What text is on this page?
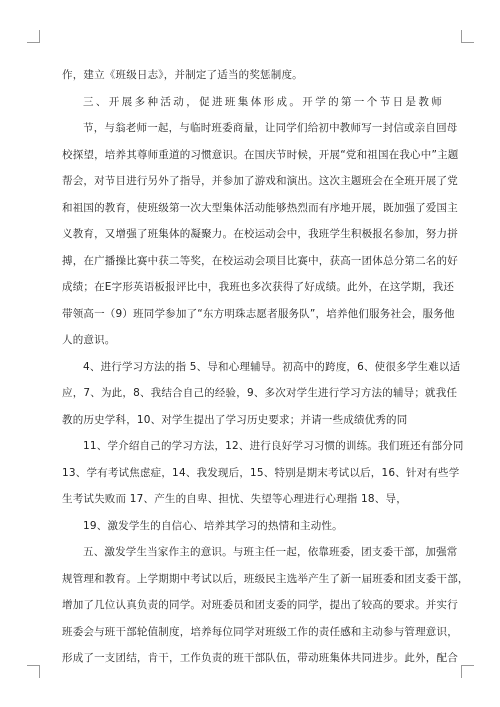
作，建立《班级日志》，并制定了适当的奖惩制度。
三、开展多种活动，促进班集体形成。开学的第一个节日是教师
节，与翁老师一起，与临时班委商量，让同学们给初中教师写一封信或亲自回母
校探望，培养其尊师重道的习惯意识。在国庆节时候，开展“党和祖国在我心中”主题
帮会，对节目进行另外了指导，并参加了游戏和演出。这次主题班会在全班开展了党
和祖国的教育，使班级第一次大型集体活动能够热烈而有序地开展，既加强了爱国主
义教育，又增强了班集体的凝聚力。在校运动会中，我班学生积极报名参加，努力拼
搏，在广播操比赛中获二等奖，在校运动会项目比赛中，获高一团体总分第二名的好
成绩；在E字形英语板报评比中，我班也多次获得了好成绩。此外，在这学期，我还
带领高一（9）班同学参加了“东方明珠志愿者服务队”，培养他们服务社会，服务他
人的意识。
4、进行学习方法的指 5、导和心理辅导。初高中的跨度，6、使很多学生难以适
应，7、为此，8、我结合自己的经验，9、多次对学生进行学习方法的辅导；就我任
教的历史学科，10、对学生提出了学习历史要求；并请一些成绩优秀的同
11、学介绍自己的学习方法，12、进行良好学习习惯的训练。我们班还有部分同
13、学有考试焦虑症，14、我发现后，15、特别是期末考试以后，16、针对有些学
生考试失败而 17、产生的自卑、担忧、失望等心理进行心理指 18、导，
19、激发学生的自信心、培养其学习的热情和主动性。
五、激发学生当家作主的意识。与班主任一起，依靠班委，团支委干部，加强常
规管理和教育。上学期期中考试以后，班级民主选举产生了新一届班委和团支委干部，
增加了几位认真负责的同学。对班委员和团支委的同学，提出了较高的要求。并实行
班委会与班干部轮值制度，培养每位同学对班级工作的责任感和主动参与管理意识，
形成了一支团结，肯干，工作负责的班干部队伍，带动班集体共同进步。此外，配合
